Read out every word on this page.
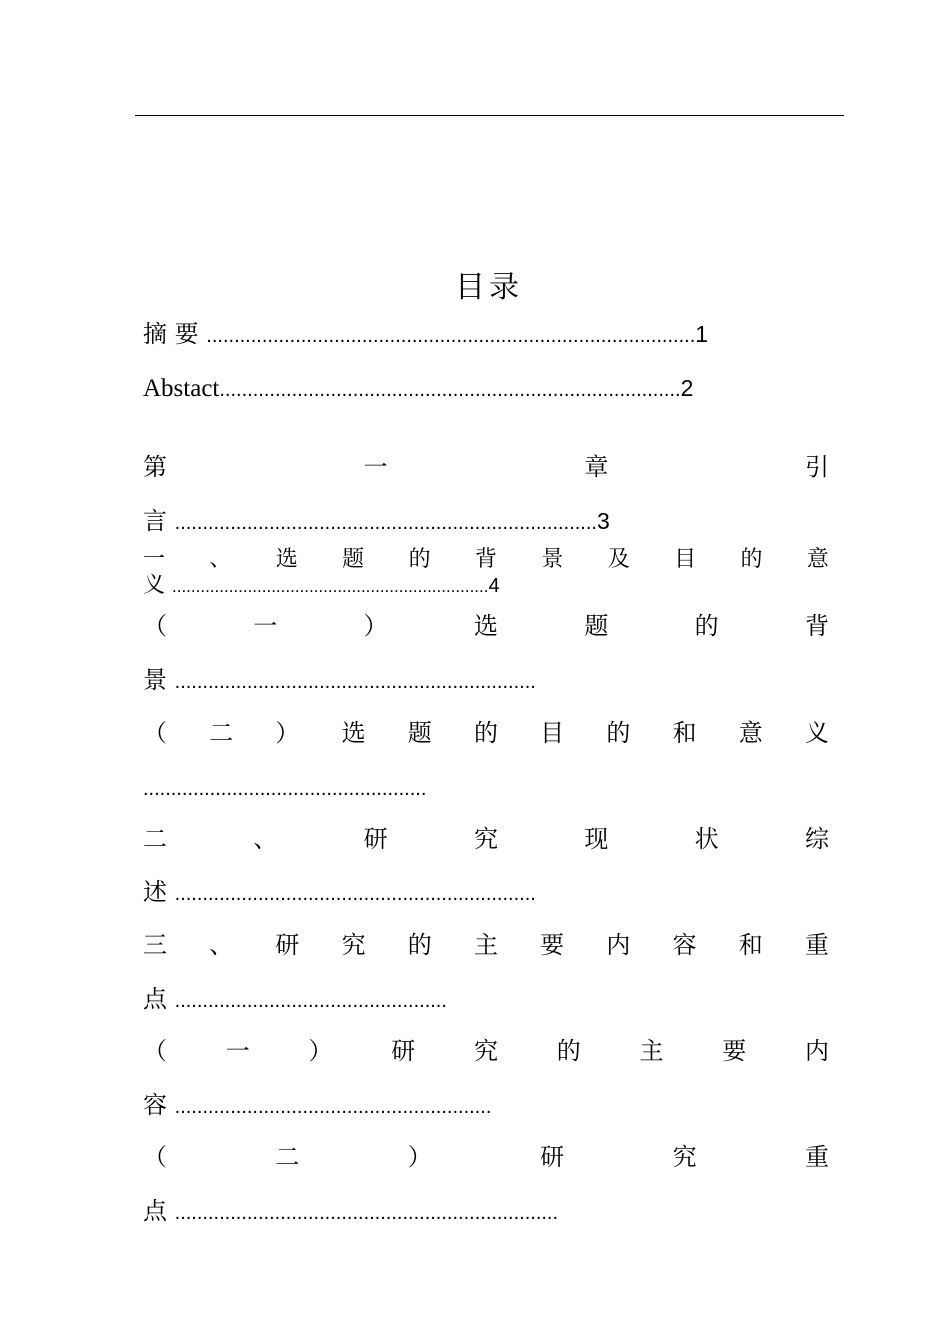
目录
摘 要 ........................................................................................1
Abstact...................................................................................2
第	一	章	引
言 ............................................................................3
一 、 选 题 的 背 景 及 目 的 意
义 ...................................................................4
（	一	）	选	题	的	背
景 .................................................................
（ 二 ） 选 题 的 目 的 和 意 义
...................................................
二	、	研	究	现	状	综
述 .................................................................
三 、 研 究 的 主 要 内 容 和 重
点 .................................................
（ 一 ） 研 究 的 主 要 内
容 .........................................................
（	二	）	研	究	重
点 .....................................................................
